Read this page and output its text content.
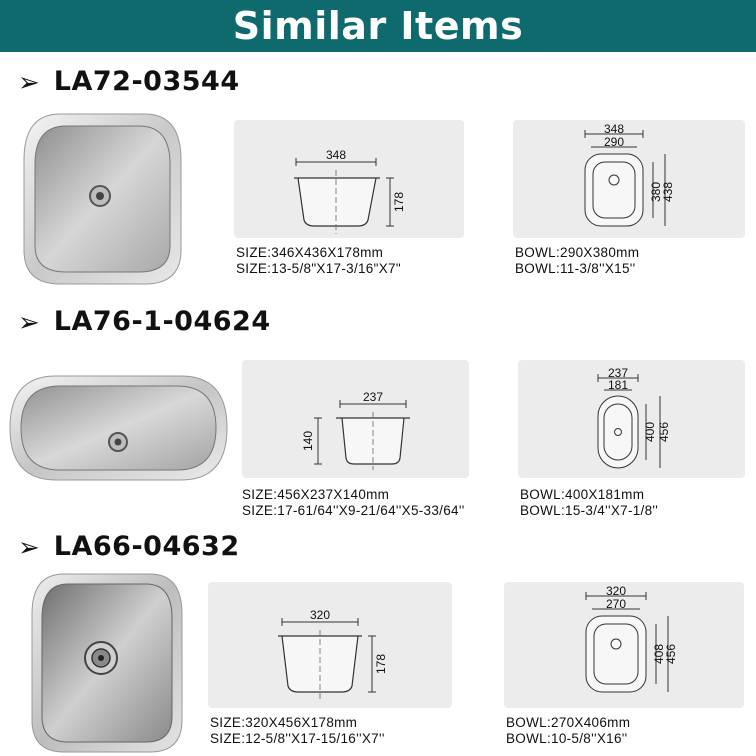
Similar Items
➢ LA72-03544
348
178
SIZE:346X436X178mm
SIZE:13-5/8"X17-3/16"X7"
348
290
380
438
BOWL:290X380mm
BOWL:11-3/8''X15''
➢ LA76-1-04624
237
140
SIZE:456X237X140mm
SIZE:17-61/64''X9-21/64''X5-33/64''
237
181
400 456
BOWL:400X181mm
BOWL:15-3/4''X7-1/8''
➢ LA66-04632
320
178
SIZE:320X456X178mm
SIZE:12-5/8''X17-15/16''X7''
320
270
408
456
BOWL:270X406mm
BOWL:10-5/8''X16''
